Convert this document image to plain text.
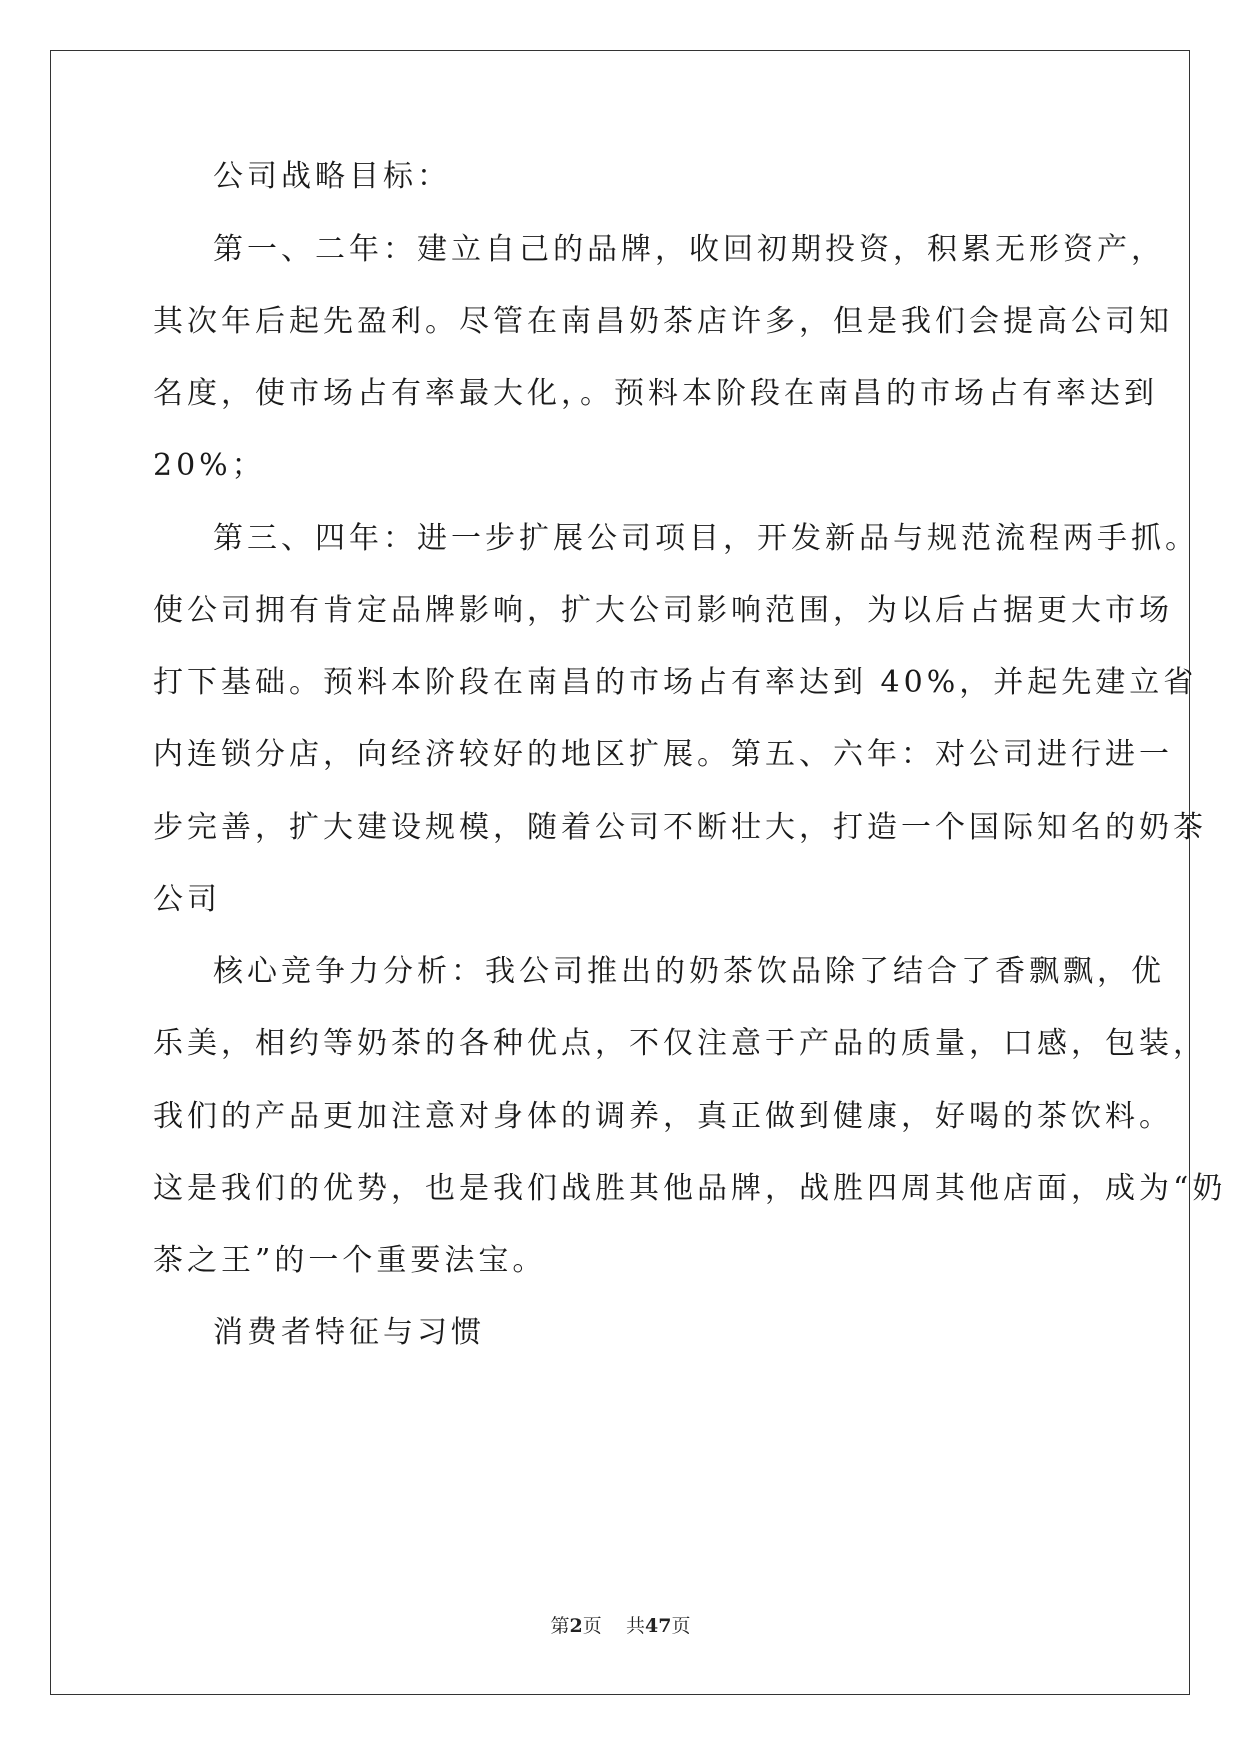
公司战略目标：
第一、二年：建立自己的品牌，收回初期投资，积累无形资产，
其次年后起先盈利。尽管在南昌奶茶店许多，但是我们会提高公司知
名度，使市场占有率最大化，。预料本阶段在南昌的市场占有率达到
20%；
第三、四年：进一步扩展公司项目，开发新品与规范流程两手抓。
使公司拥有肯定品牌影响，扩大公司影响范围，为以后占据更大市场
打下基础。预料本阶段在南昌的市场占有率达到 40%，并起先建立省
内连锁分店，向经济较好的地区扩展。第五、六年：对公司进行进一
步完善，扩大建设规模，随着公司不断壮大，打造一个国际知名的奶茶
公司
核心竞争力分析：我公司推出的奶茶饮品除了结合了香飘飘，优
乐美，相约等奶茶的各种优点，不仅注意于产品的质量，口感，包装，
我们的产品更加注意对身体的调养，真正做到健康，好喝的茶饮料。
这是我们的优势，也是我们战胜其他品牌，战胜四周其他店面，成为“奶
茶之王”的一个重要法宝。
消费者特征与习惯
第2页 共47页
